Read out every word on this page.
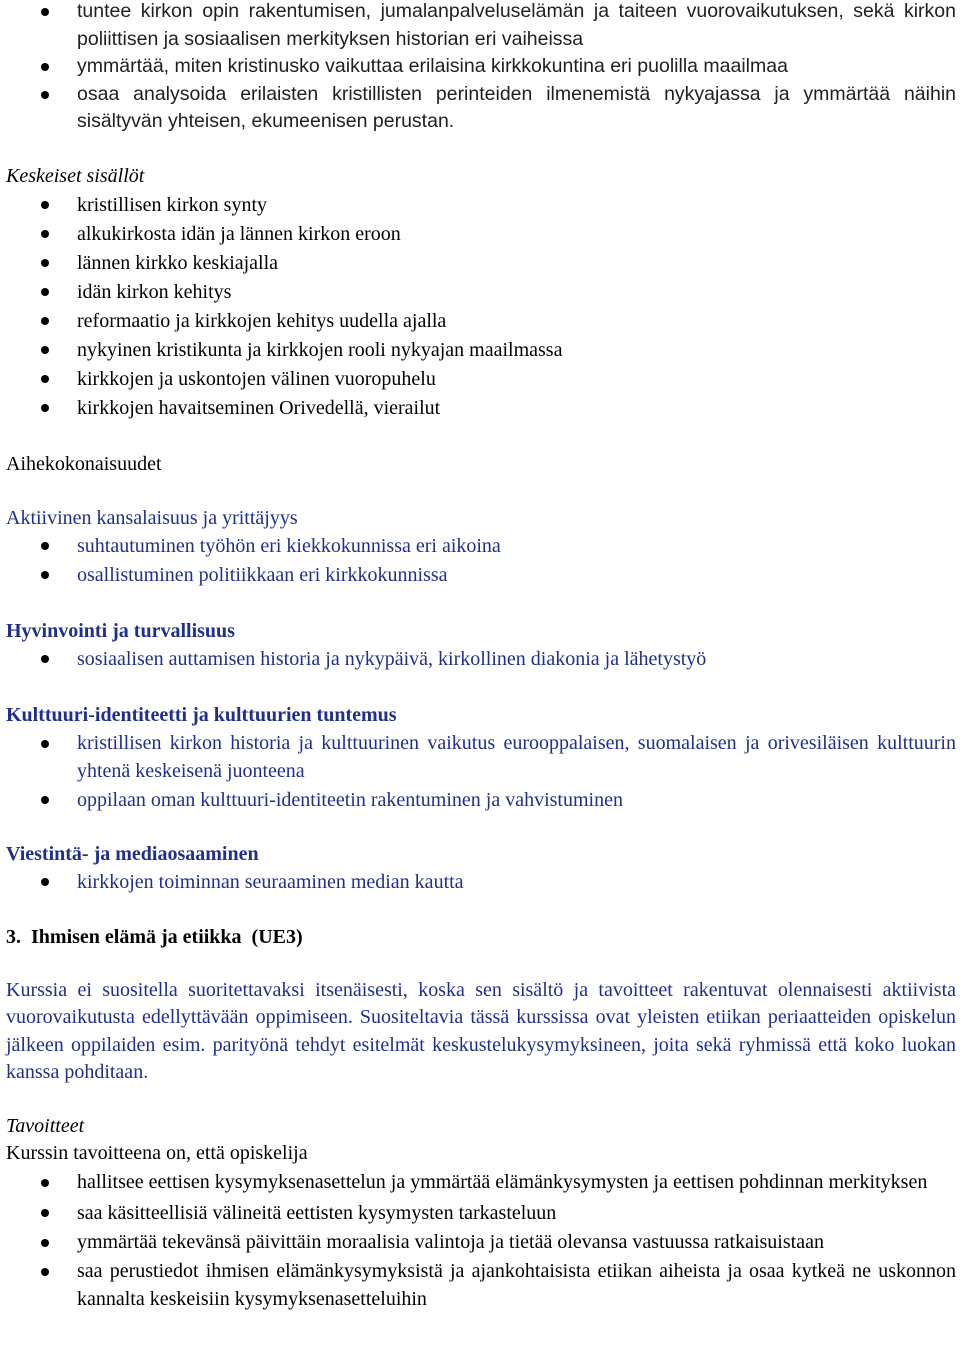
tuntee kirkon opin rakentumisen, jumalanpalveluselämän ja taiteen vuorovaikutuksen, sekä kirkon poliittisen ja sosiaalisen merkityksen historian eri vaiheissa
ymmärtää, miten kristinusko vaikuttaa erilaisina kirkkokuntina eri puolilla maailmaa
osaa analysoida erilaisten kristillisten perinteiden ilmenemistä nykyajassa ja ymmärtää näihin sisältyvän yhteisen, ekumeenisen perustan.
Keskeiset sisällöt
kristillisen kirkon synty
alkukirkosta idän ja lännen kirkon eroon
lännen kirkko keskiajalla
idän kirkon kehitys
reformaatio ja kirkkojen kehitys uudella ajalla
nykyinen kristikunta ja kirkkojen rooli nykyajan maailmassa
kirkkojen ja uskontojen välinen vuoropuhelu
kirkkojen havaitseminen Orivedellä, vierailut
Aihekokonaisuudet
Aktiivinen kansalaisuus ja yrittäjyys
suhtautuminen työhön eri kiekkokunnissa eri aikoina
osallistuminen politiikkaan eri kirkkokunnissa
Hyvinvointi ja turvallisuus
sosiaalisen auttamisen historia ja nykypäivä, kirkollinen diakonia ja lähetystyö
Kulttuuri-identiteetti ja kulttuurien tuntemus
kristillisen kirkon historia ja kulttuurinen vaikutus eurooppalaisen, suomalaisen ja orivesiläisen kulttuurin yhtenä keskeisenä juonteena
oppilaan oman kulttuuri-identiteetin rakentuminen ja vahvistuminen
Viestintä- ja mediaosaaminen
kirkkojen toiminnan seuraaminen median kautta
3.  Ihmisen elämä ja etiikka  (UE3)
Kurssia ei suositella suoritettavaksi itsenäisesti, koska sen sisältö ja tavoitteet rakentuvat olennaisesti aktiivista vuorovaikutusta edellyttävään oppimiseen. Suositeltavia tässä kurssissa ovat yleisten etiikan periaatteiden opiskelun jälkeen oppilaiden esim. parityönä tehdyt esitelmät keskustelukysymyksineen, joita sekä ryhmissä että koko luokan kanssa pohditaan.
Tavoitteet
Kurssin tavoitteena on, että opiskelija
hallitsee eettisen kysymyksenasettelun ja ymmärtää elämänkysymysten ja eettisen pohdinnan merkityksen
saa käsitteellisiä välineitä eettisten kysymysten tarkasteluun
ymmärtää tekevänsä päivittäin moraalisia valintoja ja tietää olevansa vastuussa ratkaisuistaan
saa perustiedot ihmisen elämänkysymyksistä ja ajankohtaisista etiikan aiheista ja osaa kytkeä ne uskonnon kannalta keskeisiin kysymyksenasetteluihin
